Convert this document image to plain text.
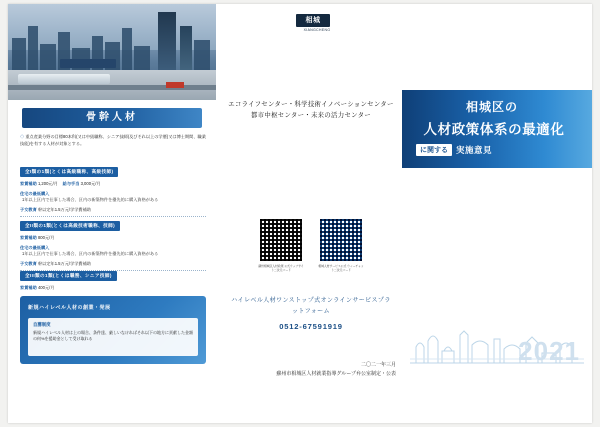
骨幹人材
◇ 重点産業分野の目標80本科(又は中級職称、シニア技師)及びそれ以上の学歴(又は博士期間、職業技能)を有する人材が対象とする。
全I類の1類(とくは高級職称、高級技師)
家賃補助 1,200元/月 給与手当 3,000元/月
住宅の最低購入
1年以上区内で仕事した場合、区内の新築物件を優先的に購入資格がある
子女教育 幹以定年1.5万元/学学費補助
全II類の1類(とくは高級技術職称、技師)
家賃補助 800元/月
住宅の最低購入
1年以上区内で仕事した場合、区内の新築物件を優先的に購入資格がある
子女教育 幹以定年1.5万元/学学費補助
全III類の1類(とくは職務、シニア技師)
家賃補助 400元/月
新規ハイレベル人材の創業・発展
自薦制度
新規ハイレベル人材は上の場合、条件達、厳しいなければそれ以下の地方に貢献した金額の何%を援助金として受け取れる
相城
XIANGCHENG
エコライフセンター・科学技術イノベーションセンター
都市中枢センター・未来の活力センター
蘇州相城区人材政策 公式ウェブサイト二次元コード
相城人材サービス公式 ウィーチャット二次元コード
ハイレベル人材ワンストップ式オンラインサービスプラットフォーム
0512-67591919
二〇二一年三月
蘇州市相城区人材就業指導グループ弁公室制定・公表
相城区の
人材政策体系の最適化
に関する 実施意見
2021
